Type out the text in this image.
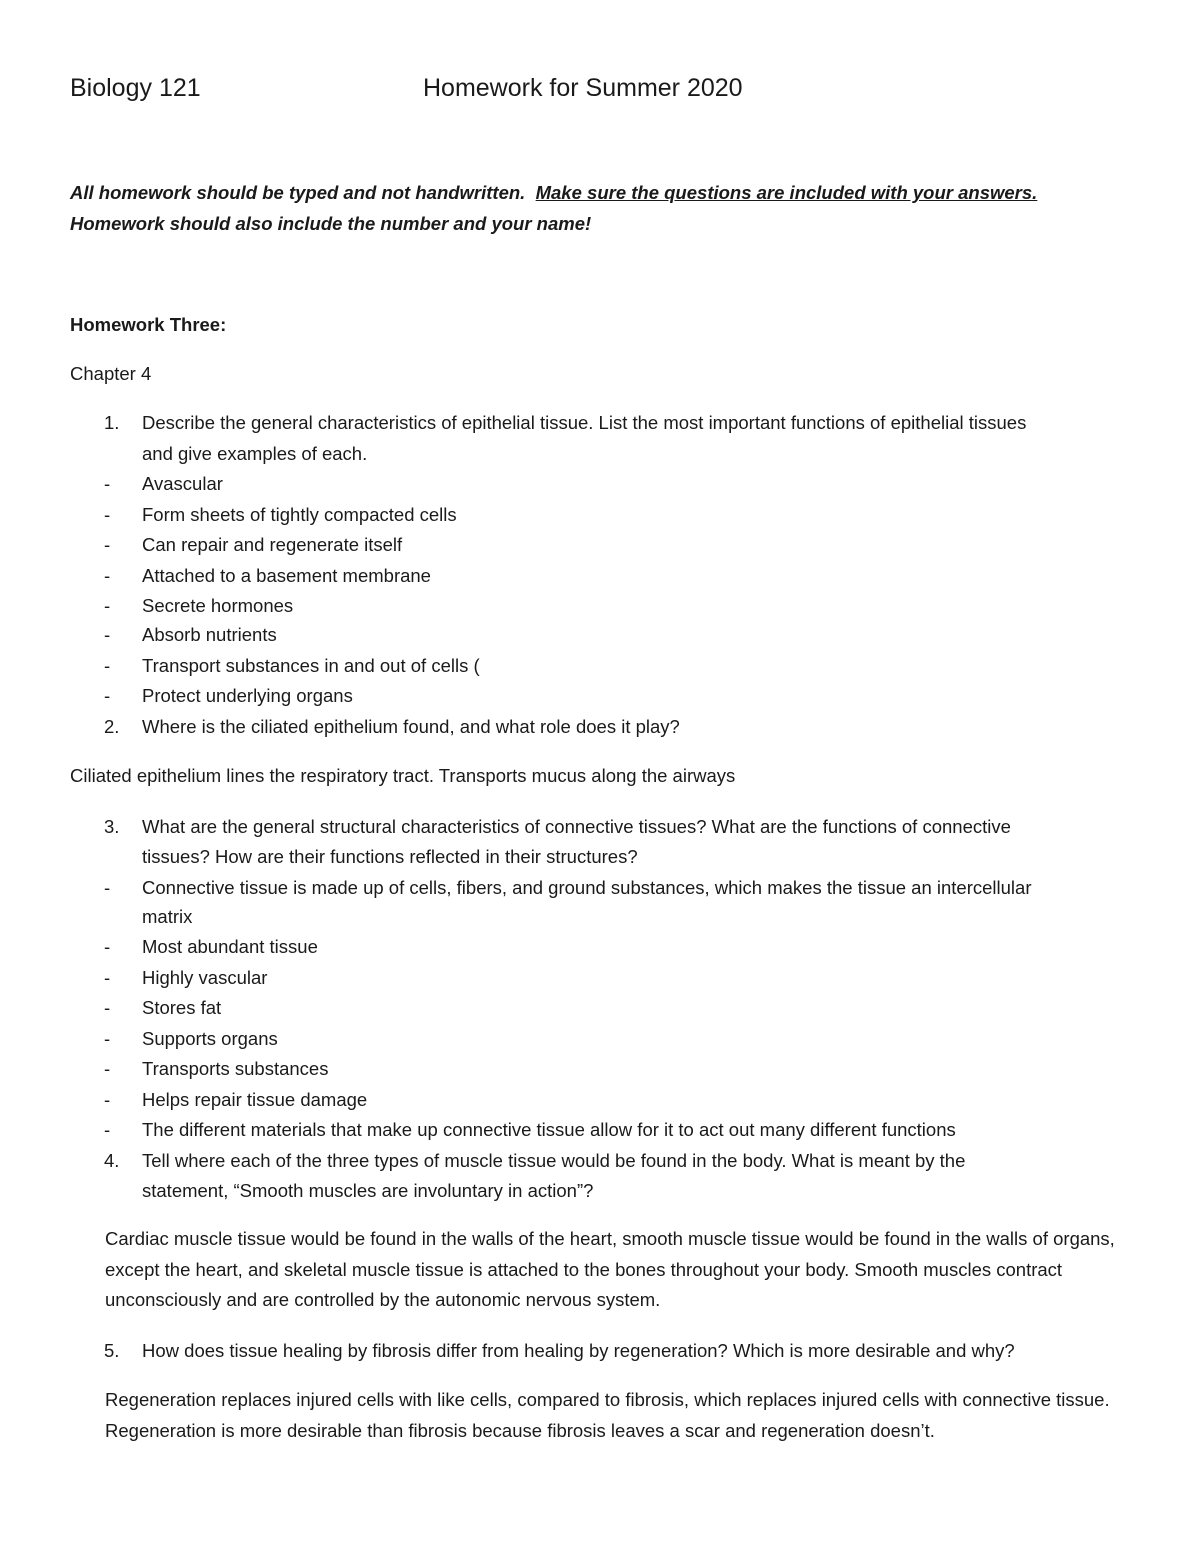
Biology 121	Homework for Summer 2020
All homework should be typed and not handwritten. Make sure the questions are included with your answers.
Homework should also include the number and your name!
Homework Three:
Chapter 4
1.	Describe the general characteristics of epithelial tissue. List the most important functions of epithelial tissues
and give examples of each.
-	Avascular
-	Form sheets of tightly compacted cells
-	Can repair and regenerate itself
-	Attached to a basement membrane
-	Secrete hormones
-	Absorb nutrients
-	Transport substances in and out of cells (
-	Protect underlying organs
2.	Where is the ciliated epithelium found, and what role does it play?
Ciliated epithelium lines the respiratory tract. Transports mucus along the airways
3.	What are the general structural characteristics of connective tissues? What are the functions of connective
tissues? How are their functions reflected in their structures?
-	Connective tissue is made up of cells, fibers, and ground substances, which makes the tissue an intercellular
matrix
-	Most abundant tissue
-	Highly vascular
-	Stores fat
-	Supports organs
-	Transports substances
-	Helps repair tissue damage
-	The different materials that make up connective tissue allow for it to act out many different functions
4.	Tell where each of the three types of muscle tissue would be found in the body. What is meant by the
statement, “Smooth muscles are involuntary in action”?
Cardiac muscle tissue would be found in the walls of the heart, smooth muscle tissue would be found in the walls of organs, except the heart, and skeletal muscle tissue is attached to the bones throughout your body. Smooth muscles contract unconsciously and are controlled by the autonomic nervous system.
5.	How does tissue healing by fibrosis differ from healing by regeneration? Which is more desirable and why?
Regeneration replaces injured cells with like cells, compared to fibrosis, which replaces injured cells with connective tissue. Regeneration is more desirable than fibrosis because fibrosis leaves a scar and regeneration doesn’t.
